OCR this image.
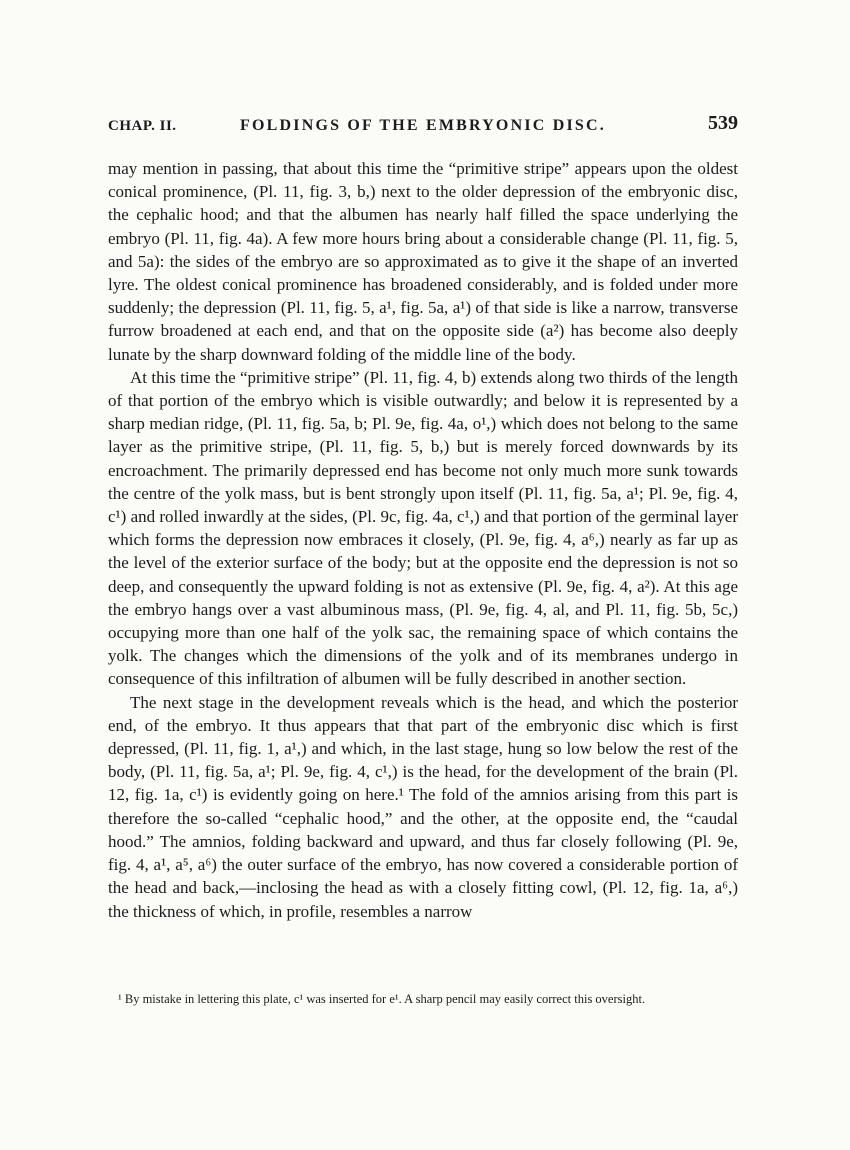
CHAP. II.	FOLDINGS OF THE EMBRYONIC DISC.	539

may mention in passing, that about this time the “primitive stripe” appears upon the oldest conical prominence, (Pl. 11, fig. 3, b,) next to the older depression of the embryonic disc, the cephalic hood; and that the albumen has nearly half filled the space underlying the embryo (Pl. 11, fig. 4a). A few more hours bring about a considerable change (Pl. 11, fig. 5, and 5a): the sides of the embryo are so approximated as to give it the shape of an inverted lyre. The oldest conical prominence has broadened considerably, and is folded under more suddenly; the depression (Pl. 11, fig. 5, a¹, fig. 5a, a¹) of that side is like a narrow, transverse furrow broadened at each end, and that on the opposite side (a²) has become also deeply lunate by the sharp downward folding of the middle line of the body.

At this time the “primitive stripe” (Pl. 11, fig. 4, b) extends along two thirds of the length of that portion of the embryo which is visible outwardly; and below it is represented by a sharp median ridge, (Pl. 11, fig. 5a, b; Pl. 9e, fig. 4a, o¹,) which does not belong to the same layer as the primitive stripe, (Pl. 11, fig. 5, b,) but is merely forced downwards by its encroachment. The primarily depressed end has become not only much more sunk towards the centre of the yolk mass, but is bent strongly upon itself (Pl. 11, fig. 5a, a¹; Pl. 9e, fig. 4, c¹) and rolled inwardly at the sides, (Pl. 9c, fig. 4a, c¹,) and that portion of the germinal layer which forms the depression now embraces it closely, (Pl. 9e, fig. 4, a⁶,) nearly as far up as the level of the exterior surface of the body; but at the opposite end the depression is not so deep, and consequently the upward folding is not as extensive (Pl. 9e, fig. 4, a²). At this age the embryo hangs over a vast albuminous mass, (Pl. 9e, fig. 4, al, and Pl. 11, fig. 5b, 5c,) occupying more than one half of the yolk sac, the remaining space of which contains the yolk. The changes which the dimensions of the yolk and of its membranes undergo in consequence of this infiltration of albumen will be fully described in another section.

The next stage in the development reveals which is the head, and which the posterior end, of the embryo. It thus appears that that part of the embryonic disc which is first depressed, (Pl. 11, fig. 1, a¹,) and which, in the last stage, hung so low below the rest of the body, (Pl. 11, fig. 5a, a¹; Pl. 9e, fig. 4, c¹,) is the head, for the development of the brain (Pl. 12, fig. 1a, c¹) is evidently going on here.¹ The fold of the amnios arising from this part is therefore the so-called “cephalic hood,” and the other, at the opposite end, the “caudal hood.” The amnios, folding backward and upward, and thus far closely following (Pl. 9e, fig. 4, a¹, a⁵, a⁶) the outer surface of the embryo, has now covered a considerable portion of the head and back,—inclosing the head as with a closely fitting cowl, (Pl. 12, fig. 1a, a⁶,) the thickness of which, in profile, resembles a narrow

¹ By mistake in lettering this plate, c¹ was inserted for e¹. A sharp pencil may easily correct this oversight.
